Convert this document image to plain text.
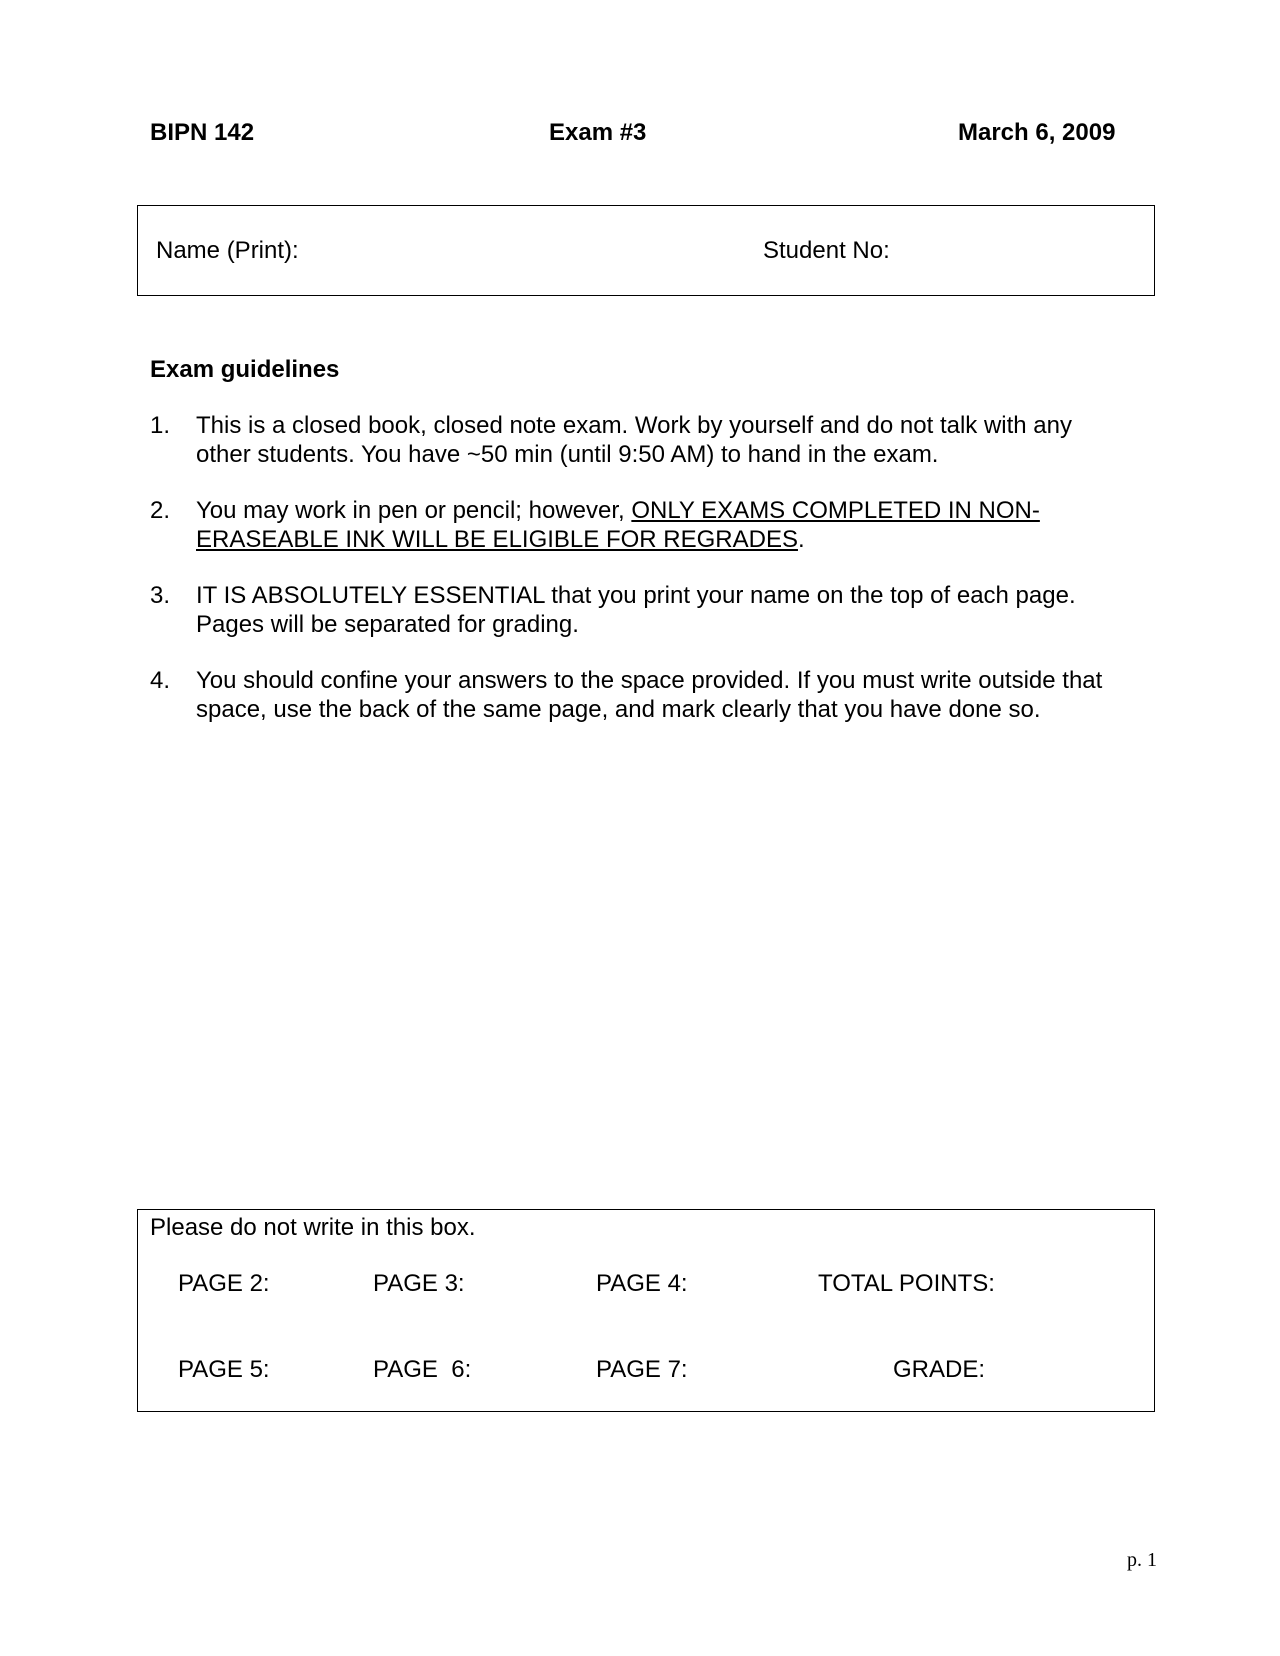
BIPN 142	Exam #3	March 6, 2009
Name (Print):	Student No:
Exam guidelines
1. This is a closed book, closed note exam. Work by yourself and do not talk with any
other students. You have ~50 min (until 9:50 AM) to hand in the exam.
2. You may work in pen or pencil; however, ONLY EXAMS COMPLETED IN NON-
ERASEABLE INK WILL BE ELIGIBLE FOR REGRADES.
3. IT IS ABSOLUTELY ESSENTIAL that you print your name on the top of each page.
Pages will be separated for grading.
4. You should confine your answers to the space provided. If you must write outside that
space, use the back of the same page, and mark clearly that you have done so.
Please do not write in this box.
PAGE 2:	PAGE 3:	PAGE 4:	TOTAL POINTS:
PAGE 5:	PAGE  6:	PAGE 7:	GRADE:
p. 1
